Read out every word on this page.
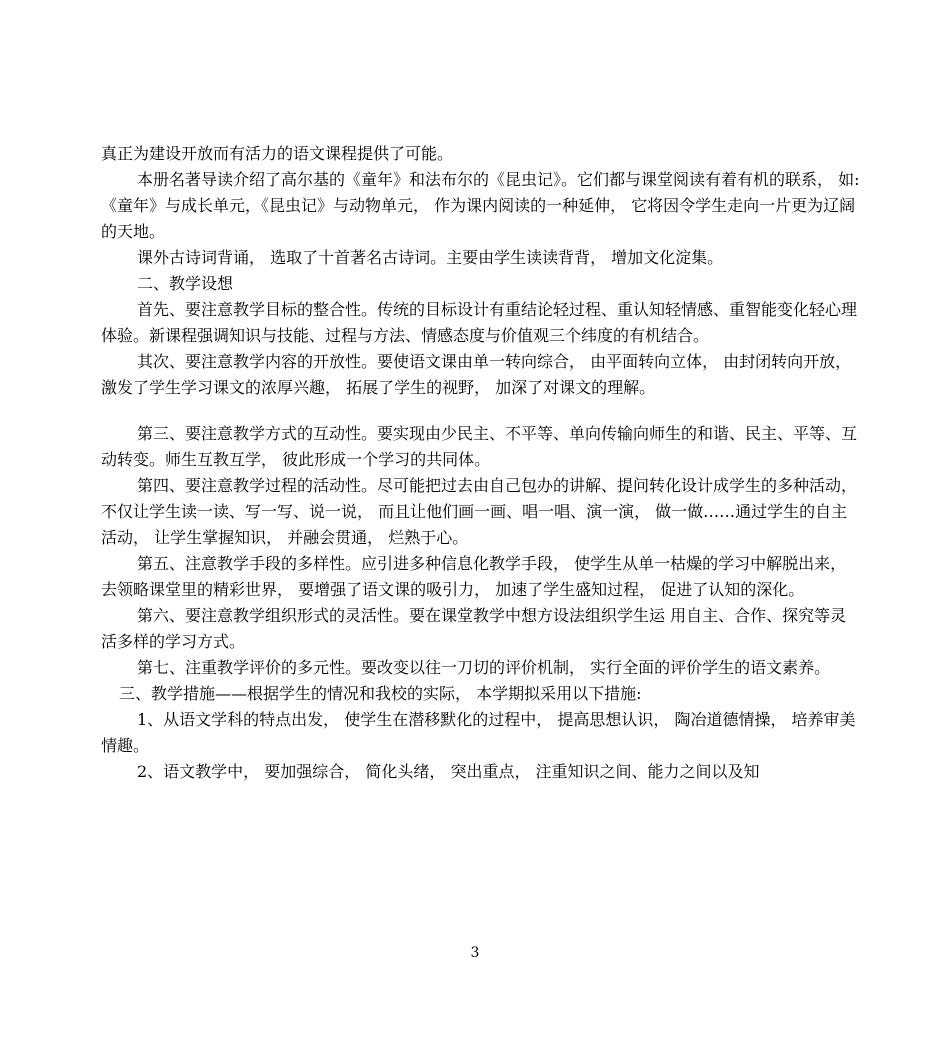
真正为建设开放而有活力的语文课程提供了可能。

本册名著导读介绍了高尔基的《童年》和法布尔的《昆虫记》。它们都与课堂阅读有着有机的联系， 如:《童年》与成长单元，《昆虫记》与动物单元， 作为课内阅读的一种延伸， 它将因令学生走向一片更为辽阔的天地。

课外古诗词背诵， 选取了十首著名古诗词。主要由学生读读背背， 增加文化淀集。

二、教学设想

首先、要注意教学目标的整合性。传统的目标设计有重结论轻过程、重认知轻情感、重智能变化轻心理体验。新课程强调知识与技能、过程与方法、情感态度与价值观三个纬度的有机结合。

其次、要注意教学内容的开放性。要使语文课由单一转向综合， 由平面转向立体， 由封闭转向开放， 激发了学生学习课文的浓厚兴趣， 拓展了学生的视野， 加深了对课文的理解。

第三、要注意教学方式的互动性。要实现由少民主、不平等、单向传输向师生的和谐、民主、平等、互动转变。师生互教互学， 彼此形成一个学习的共同体。

第四、要注意教学过程的活动性。尽可能把过去由自己包办的讲解、提问转化设计成学生的多种活动， 不仅让学生读一读、写一写、说一说， 而且让他们画一画、唱一唱、演一演， 做一做……通过学生的自主活动， 让学生掌握知识， 并融会贯通， 烂熟于心。

第五、注意教学手段的多样性。应引进多种信息化教学手段， 使学生从单一枯燥的学习中解脱出来， 去领略课堂里的精彩世界， 要增强了语文课的吸引力， 加速了学生盛知过程， 促进了认知的深化。

第六、要注意教学组织形式的灵活性。要在课堂教学中想方设法组织学生运 用自主、合作、探究等灵活多样的学习方式。

第七、注重教学评价的多元性。要改变以往一刀切的评价机制， 实行全面的评价学生的语文素养。

三、教学措施——根据学生的情况和我校的实际， 本学期拟采用以下措施:

1、从语文学科的特点出发， 使学生在潜移默化的过程中， 提高思想认识， 陶冶道德情操， 培养审美情趣。

2、语文教学中， 要加强综合， 简化头绪， 突出重点， 注重知识之间、能力之间以及知

3
